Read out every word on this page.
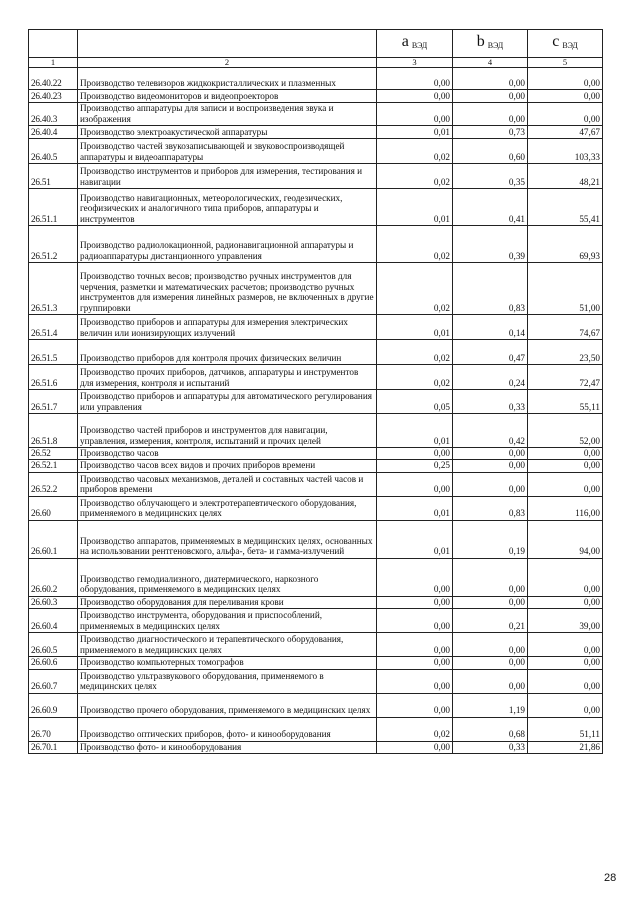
		a $_{ВЭД}$	b $_{ВЭД}$	c $_{ВЭД}$
1	2	3	4	5
26.40.22	Производство телевизоров жидкокристаллических и плазменных	0,00	0,00	0,00
26.40.23	Производство видеомониторов и видеопроекторов	0,00	0,00	0,00
26.40.3	Производство аппаратуры для записи и воспроизведения звука и изображения	0,00	0,00	0,00
26.40.4	Производство электроакустической аппаратуры	0,01	0,73	47,67
26.40.5	Производство частей звукозаписывающей и звуковоспроизводящей аппаратуры и видеоаппаратуры	0,02	0,60	103,33
26.51	Производство инструментов и приборов для измерения, тестирования и навигации	0,02	0,35	48,21
26.51.1	Производство навигационных, метеорологических, геодезических, геофизических и аналогичного типа приборов, аппаратуры и инструментов	0,01	0,41	55,41
26.51.2	Производство радиолокационной, радионавигационной аппаратуры и радиоаппаратуры дистанционного управления	0,02	0,39	69,93
26.51.3	Производство точных весов; производство ручных инструментов для черчения, разметки и математических расчетов; производство ручных инструментов для измерения линейных размеров, не включенных в другие группировки	0,02	0,83	51,00
26.51.4	Производство приборов и аппаратуры для измерения электрических величин или ионизирующих излучений	0,01	0,14	74,67
26.51.5	Производство приборов для контроля прочих физических величин	0,02	0,47	23,50
26.51.6	Производство прочих приборов, датчиков, аппаратуры и инструментов для измерения, контроля и испытаний	0,02	0,24	72,47
26.51.7	Производство приборов и аппаратуры для автоматического регулирования или управления	0,05	0,33	55,11
26.51.8	Производство частей приборов и инструментов для навигации, управления, измерения, контроля, испытаний и прочих целей	0,01	0,42	52,00
26.52	Производство часов	0,00	0,00	0,00
26.52.1	Производство часов всех видов и прочих приборов времени	0,25	0,00	0,00
26.52.2	Производство часовых механизмов, деталей и составных частей часов и приборов времени	0,00	0,00	0,00
26.60	Производство облучающего и электротерапевтического оборудования, применяемого в медицинских целях	0,01	0,83	116,00
26.60.1	Производство аппаратов, применяемых в медицинских целях, основанных на использовании рентгеновского, альфа-, бета- и гамма-излучений	0,01	0,19	94,00
26.60.2	Производство гемодиализного, диатермического, наркозного оборудования, применяемого в медицинских целях	0,00	0,00	0,00
26.60.3	Производство оборудования для переливания крови	0,00	0,00	0,00
26.60.4	Производство инструмента, оборудования и приспособлений, применяемых в медицинских целях	0,00	0,21	39,00
26.60.5	Производство диагностического и терапевтического оборудования, применяемого в медицинских целях	0,00	0,00	0,00
26.60.6	Производство компьютерных томографов	0,00	0,00	0,00
26.60.7	Производство ультразвукового оборудования, применяемого в медицинских целях	0,00	0,00	0,00
26.60.9	Производство прочего оборудования, применяемого в медицинских целях	0,00	1,19	0,00
26.70	Производство оптических приборов, фото- и кинооборудования	0,02	0,68	51,11
26.70.1	Производство фото- и кинооборудования	0,00	0,33	21,86
28
